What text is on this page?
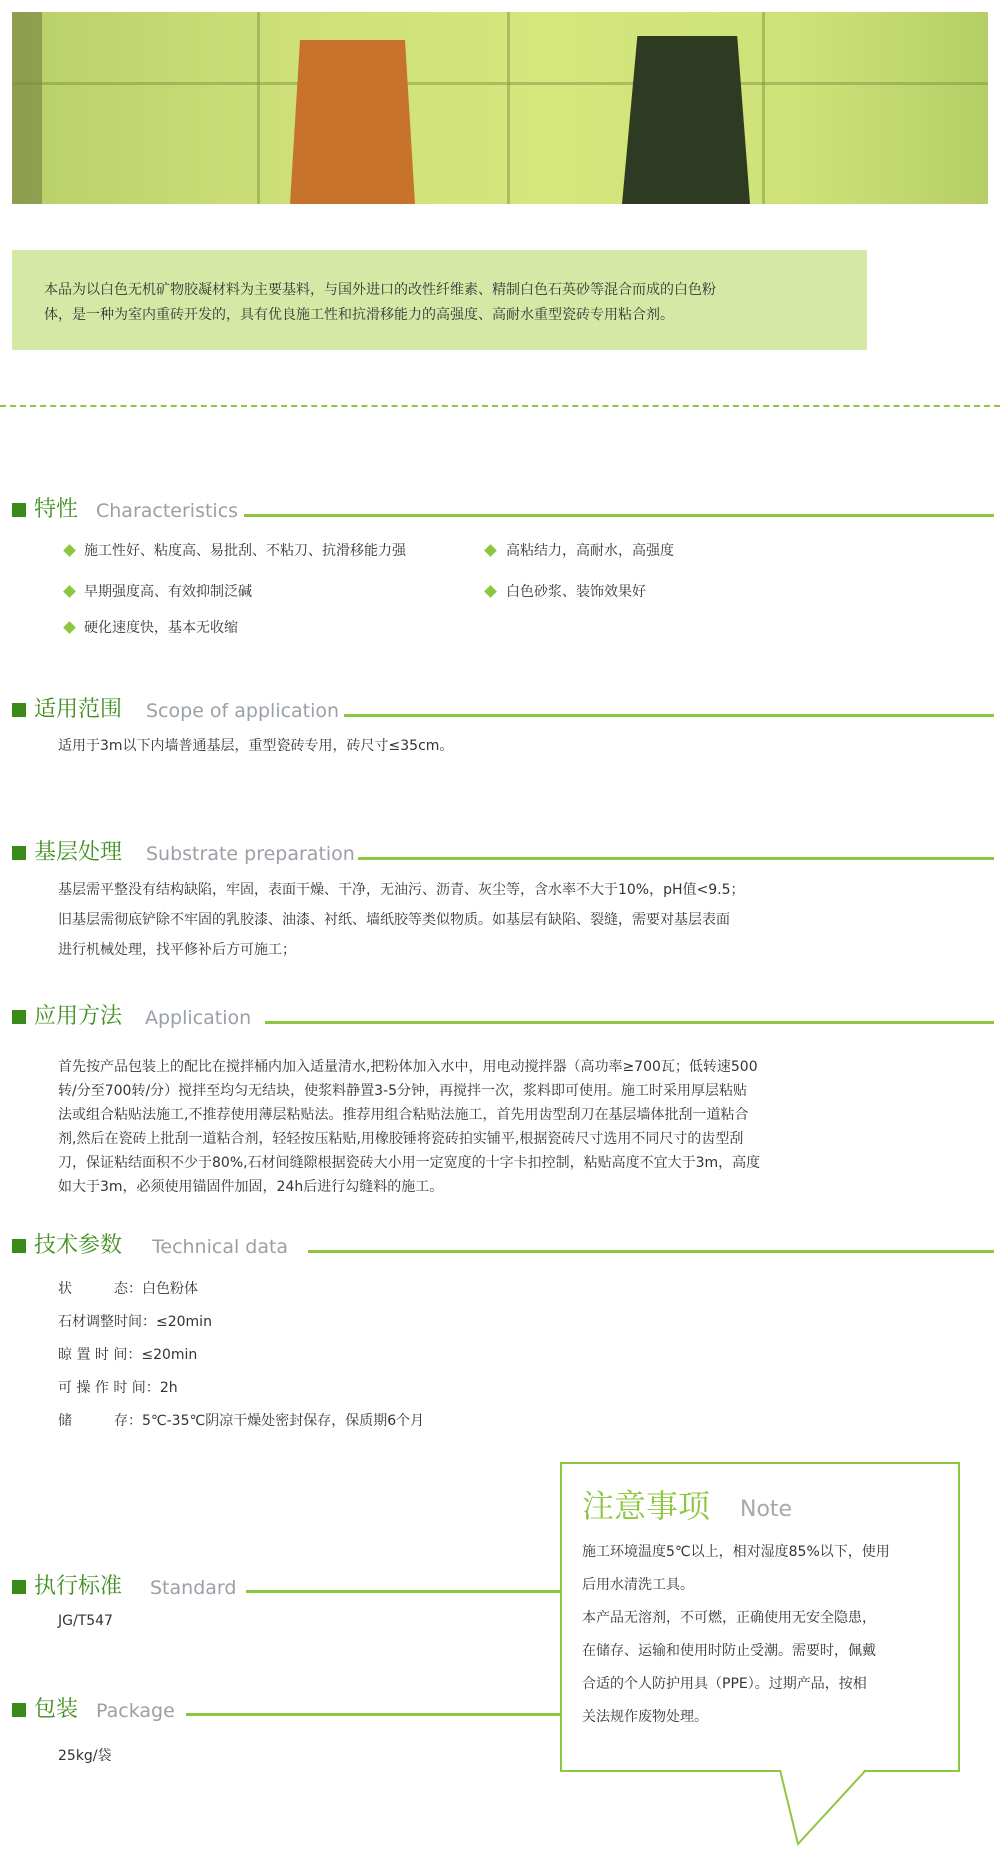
本品为以白色无机矿物胶凝材料为主要基料，与国外进口的改性纤维素、精制白色石英砂等混合而成的白色粉
体，是一种为室内重砖开发的，具有优良施工性和抗滑移能力的高强度、高耐水重型瓷砖专用粘合剂。

特性 Characteristics
施工性好、粘度高、易批刮、不粘刀、抗滑移能力强	高粘结力，高耐水，高强度
早期强度高、有效抑制泛碱	白色砂浆、装饰效果好
硬化速度快，基本无收缩
适用范围 Scope of application
适用于3m以下内墙普通基层，重型瓷砖专用，砖尺寸≤35cm。
基层处理 Substrate preparation
基层需平整没有结构缺陷，牢固，表面干燥、干净，无油污、沥青、灰尘等，含水率不大于10%，pH值<9.5；
旧基层需彻底铲除不牢固的乳胶漆、油漆、衬纸、墙纸胶等类似物质。如基层有缺陷、裂缝，需要对基层表面
进行机械处理，找平修补后方可施工；
应用方法 Application
首先按产品包装上的配比在搅拌桶内加入适量清水,把粉体加入水中，用电动搅拌器（高功率≥700瓦；低转速500
转/分至700转/分）搅拌至均匀无结块，使浆料静置3-5分钟，再搅拌一次，浆料即可使用。施工时采用厚层粘贴
法或组合粘贴法施工,不推荐使用薄层粘贴法。推荐用组合粘贴法施工，首先用齿型刮刀在基层墙体批刮一道粘合
剂,然后在瓷砖上批刮一道粘合剂，轻轻按压粘贴,用橡胶锤将瓷砖拍实铺平,根据瓷砖尺寸选用不同尺寸的齿型刮
刀，保证粘结面积不少于80%,石材间缝隙根据瓷砖大小用一定宽度的十字卡扣控制，粘贴高度不宜大于3m，高度
如大于3m，必须使用锚固件加固，24h后进行勾缝料的施工。
技术参数 Technical data
状　　　态：白色粉体
石材调整时间：≤20min
晾 置 时 间：≤20min
可 操 作 时 间：2h
储　　　存：5℃-35℃阴凉干燥处密封保存，保质期6个月
执行标准 Standard
JG/T547
包装 Package
25kg/袋
注意事项 Note
施工环境温度5℃以上，相对湿度85%以下，使用
后用水清洗工具。
本产品无溶剂，不可燃，正确使用无安全隐患，
在储存、运输和使用时防止受潮。需要时，佩戴
合适的个人防护用具（PPE）。过期产品，按相
关法规作废物处理。
